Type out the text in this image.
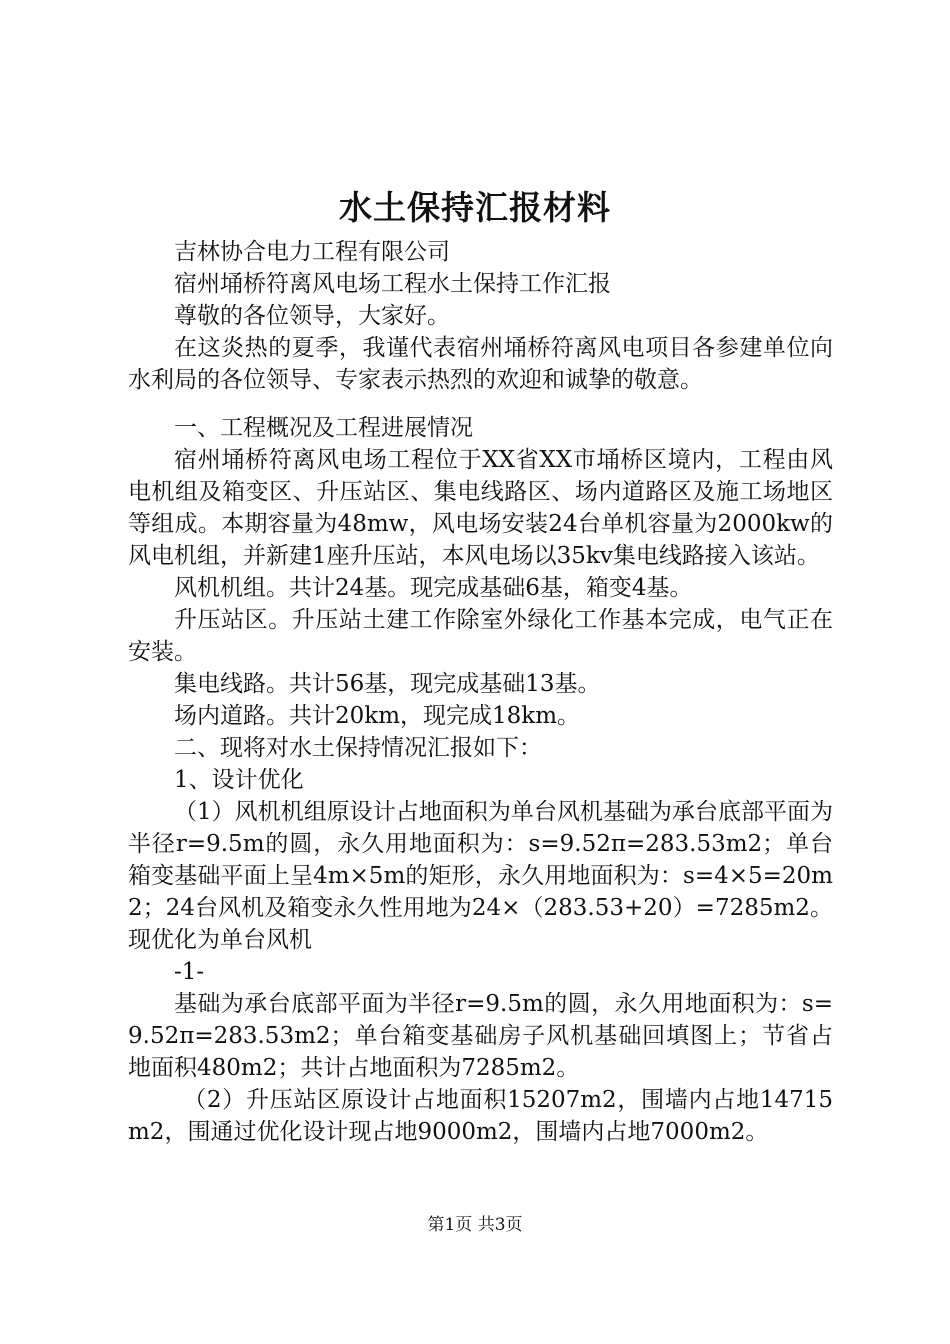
水土保持汇报材料

吉林协合电力工程有限公司

宿州埇桥符离风电场工程水土保持工作汇报

尊敬的各位领导，大家好。

在这炎热的夏季，我谨代表宿州埇桥符离风电项目各参建单位向水利局的各位领导、专家表示热烈的欢迎和诚挚的敬意。

一、工程概况及工程进展情况

宿州埇桥符离风电场工程位于XX省XX市埇桥区境内，工程由风电机组及箱变区、升压站区、集电线路区、场内道路区及施工场地区等组成。本期容量为48mw，风电场安装24台单机容量为2000kw的风电机组，并新建1座升压站，本风电场以35kv集电线路接入该站。

风机机组。共计24基。现完成基础6基，箱变4基。

升压站区。升压站土建工作除室外绿化工作基本完成，电气正在安装。

集电线路。共计56基，现完成基础13基。

场内道路。共计20km，现完成18km。

二、现将对水土保持情况汇报如下：

1、设计优化

（1）风机机组原设计占地面积为单台风机基础为承台底部平面为半径r=9.5m的圆，永久用地面积为：s=9.52π=283.53m2；单台箱变基础平面上呈4m×5m的矩形，永久用地面积为：s=4×5=20m2；24台风机及箱变永久性用地为24×（283.53+20）=7285m2。现优化为单台风机

-1-

基础为承台底部平面为半径r=9.5m的圆，永久用地面积为：s=9.52π=283.53m2；单台箱变基础房子风机基础回填图上；节省占地面积480m2；共计占地面积为7285m2。

（2）升压站区原设计占地面积15207m2，围墙内占地14715m2，围通过优化设计现占地9000m2，围墙内占地7000m2。

第1页 共3页
